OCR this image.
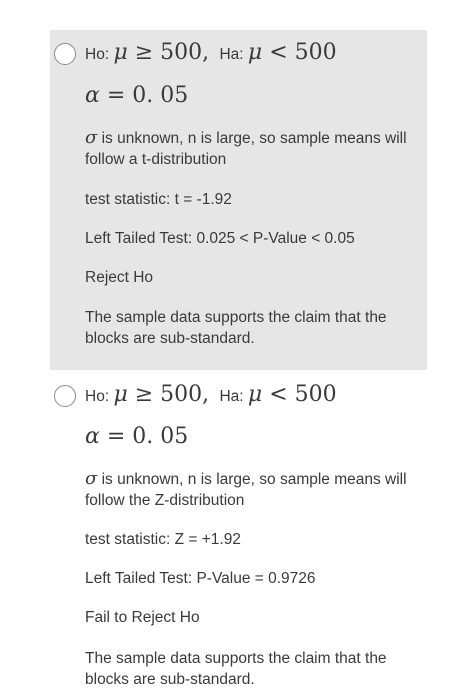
Ho: μ ≥ 500, Ha: μ < 500
α = 0. 05
σ is unknown, n is large, so sample means will follow a t-distribution
test statistic: t = -1.92
Left Tailed Test: 0.025 < P-Value < 0.05
Reject Ho
The sample data supports the claim that the blocks are sub-standard.
Ho: μ ≥ 500, Ha: μ < 500
α = 0. 05
σ is unknown, n is large, so sample means will follow the Z-distribution
test statistic: Z = +1.92
Left Tailed Test: P-Value = 0.9726
Fail to Reject Ho
The sample data supports the claim that the blocks are sub-standard.
